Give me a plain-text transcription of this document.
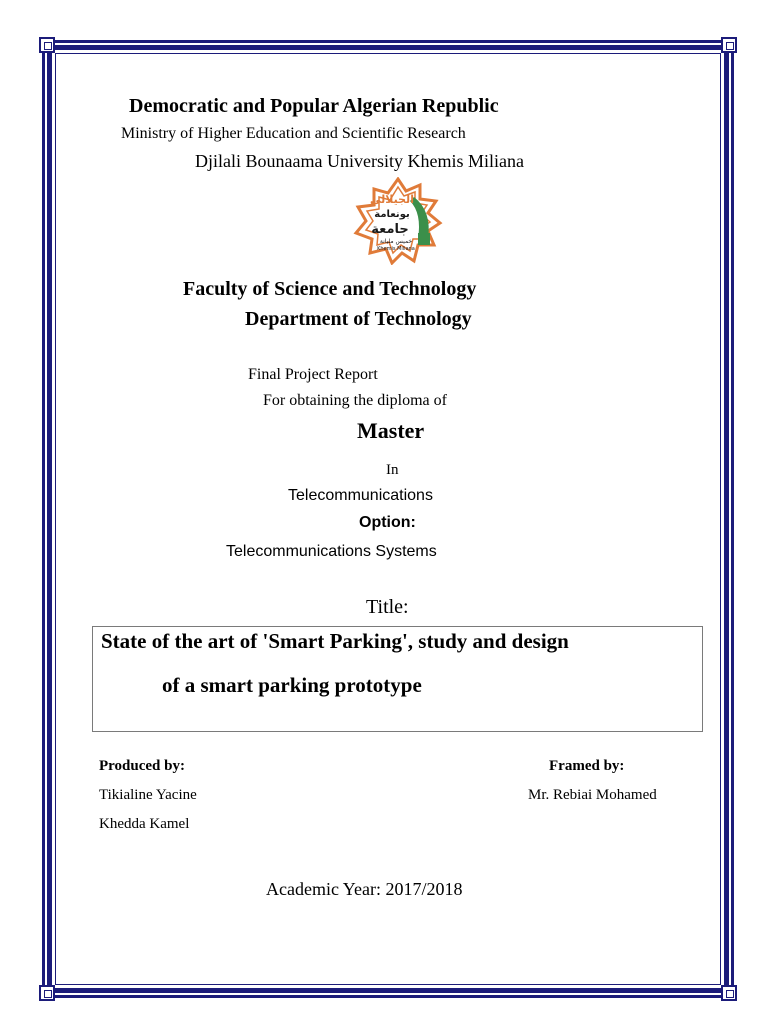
Democratic and Popular Algerian Republic
Ministry of Higher Education and Scientific Research
Djilali Bounaama University Khemis Miliana
الجيلالي
بونعامة
جامعة
خميس مليانة
Khemis Miliana
Faculty of Science and Technology
Department of Technology
Final Project Report
For obtaining the diploma of
Master
In
Telecommunications
Option:
Telecommunications Systems
Title:
State of the art of 'Smart Parking', study and design
of a smart parking prototype
Produced by:
Tikialine Yacine
Khedda Kamel
Framed by:
Mr. Rebiai Mohamed
Academic Year: 2017/2018
